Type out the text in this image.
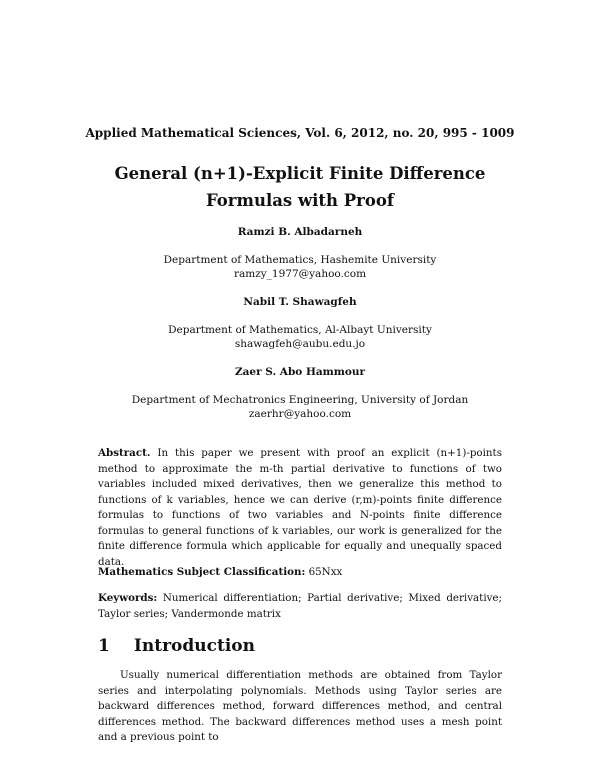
Applied Mathematical Sciences, Vol. 6, 2012, no. 20, 995 - 1009
General (n+1)-Explicit Finite Difference
Formulas with Proof
Ramzi B. Albadarneh
Department of Mathematics, Hashemite University
ramzy_1977@yahoo.com
Nabil T. Shawagfeh
Department of Mathematics, Al-Albayt University
shawagfeh@aubu.edu.jo
Zaer S. Abo Hammour
Department of Mechatronics Engineering, University of Jordan
zaerhr@yahoo.com
Abstract. In this paper we present with proof an explicit (n+1)-points method to approximate the m-th partial derivative to functions of two variables included mixed derivatives, then we generalize this method to functions of k variables, hence we can derive (r,m)-points finite difference formulas to functions of two variables and N-points finite difference formulas to general functions of k variables, our work is generalized for the finite difference formula which applicable for equally and unequally spaced data.
Mathematics Subject Classification: 65Nxx
Keywords: Numerical differentiation; Partial derivative; Mixed derivative; Taylor series; Vandermonde matrix
1 Introduction

Usually numerical differentiation methods are obtained from Taylor series and interpolating polynomials. Methods using Taylor series are backward differences method, forward differences method, and central differences method. The backward differences method uses a mesh point and a previous point to
